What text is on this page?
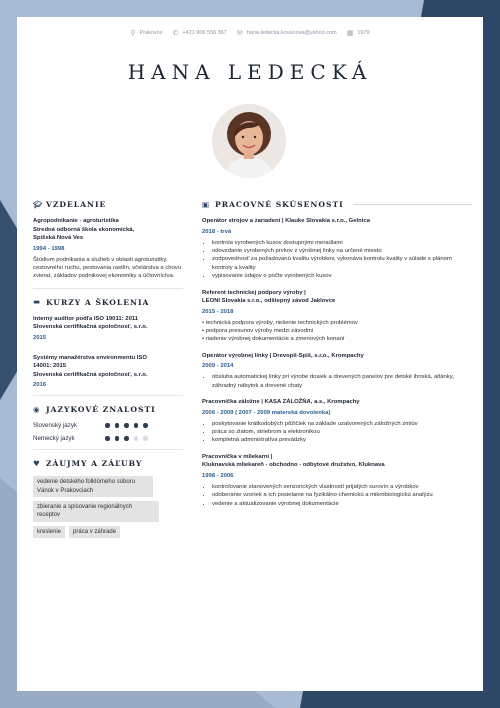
⚲ Prakovce ✆ +421 906 556 367 ✉ hana.ledecka.kovacova@yahoo.com ▦ 1979
HANA LEDECKÁ
🎓︎ VZDELANIE
Agropodnikanie - agroturistika
Stredná odborná škola ekonomická,
Spišská Nová Ves
1994 - 1998
Štúdium podnikania a služieb v oblasti agroturistiky, cestovného ruchu, pestovania rastlín, včelárstva a chovu zvierat, základov podnikovej ekonomiky a účtovníctva.
▬ KURZY A ŠKOLENIA
Interný auditor podľa ISO 19011: 2011
Slovenská certifikačná spoločnosť, s.r.o.
2015
Systémy manažérstva environmentu ISO
14001: 2015
Slovenská certifikačná spoločnosť, s.r.o.
2016
◉ JAZYKOVÉ ZNALOSTI
Slovenský jazyk
Nemecký jazyk
♥ ZÁUJMY A ZÁĽUBY
vedenie detského folklórneho súboru Vánok v Prakovciach
zbieranie a spisovanie regionálnych receptov
kreslenie	práca v záhrade
▣ PRACOVNÉ SKÚSENOSTI
Operátor strojov a zariadení | Klauke Slovakia s.r.o., Gelnica
2018 - trvá
• kontrola vyrobených kusov dostupnými meradlami
• odovzdanie vyrobených prvkov z výrobnej linky na určené miesto
• zodpovednosť za požadovanú kvalitu výrobkov, vykonáva kontrolu kvality v súlade s plánom kontroly a kvality
• vypisovanie údajov o počte vyrobených kusov
Referent technickej podpory výroby |
LEONI Slovakia s.r.o., odštepný závod Jaklovce
2015 - 2018
• technická podpora výroby, riešenie technických problémov
• podpora presunov výroby medzi závodmi
• riadenie výrobnej dokumentácie a zmenových konaní
Operátor výrobnej linky | Drevopil-Spiš, s.r.o., Krompachy
2009 - 2014
• obsluha automatickej linky pri výrobe dosiek a drevených panelov pre detské ihriská, altánky, záhradný nábytok a drevené chaty
Pracovníčka záložne | KASA ZÁLOŽŇA, a.s., Krompachy
2006 - 2009 ( 2007 - 2009 materská dovolenka)
• poskytovanie krátkodobých pôžičiek na základe uzatvorených záložných zmlúv
• práca so zlatom, striebrom a elektronikou
• kompletná administratíva prevádzky
Pracovníčka v mliekarni |
Kluknavská mliekareň - obchodno - odbytové družstvo, Kluknava
1998 - 2006
• kontrolovanie stanovených senzorických vlastností prijatých surovín a výrobkov
• odoberanie vzoriek a ich posielanie na fyzikálno-chemickú a mikrobiologickú analýzu
• vedenie a aktualizovanie výrobnej dokumentácie
